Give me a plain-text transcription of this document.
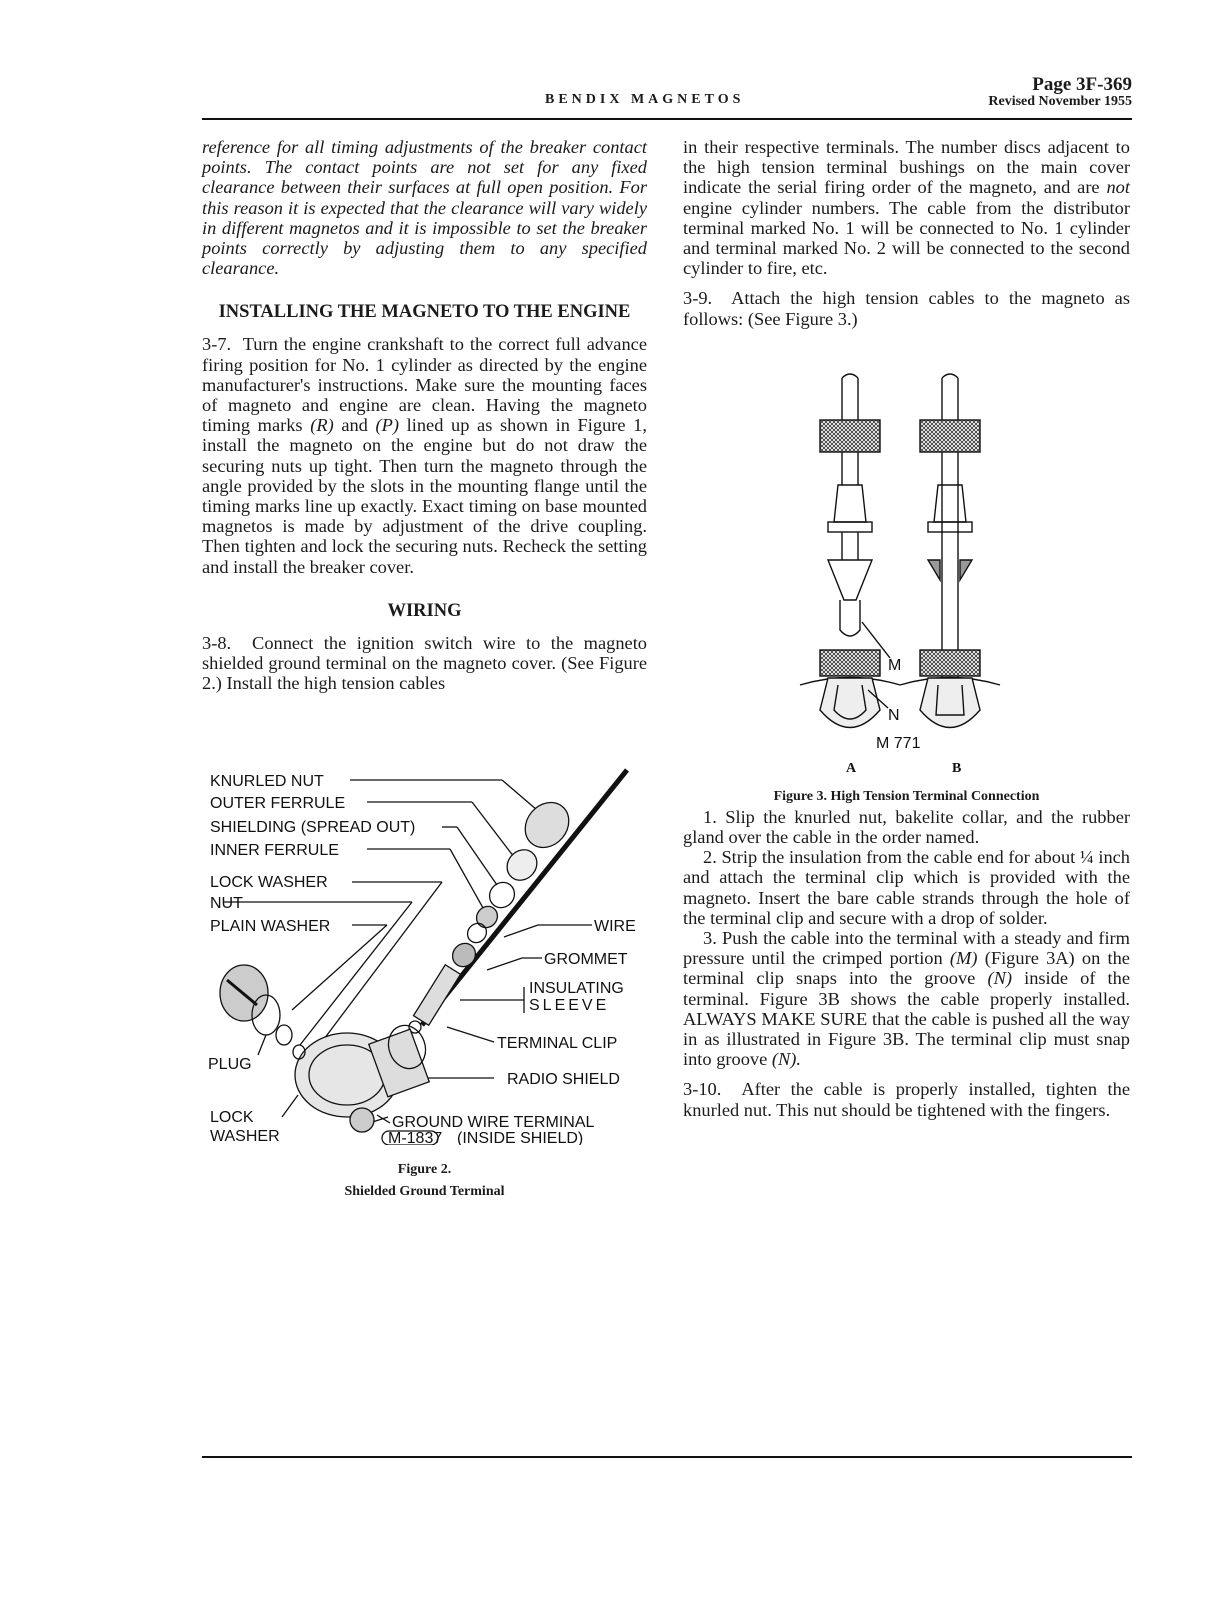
BENDIX MAGNETOS
Page 3F-369
Revised November 1955

reference for all timing adjustments of the breaker contact points. The contact points are not set for any fixed clearance between their surfaces at full open position. For this reason it is expected that the clearance will vary widely in different magnetos and it is impossible to set the breaker points correctly by adjusting them to any specified clearance.

INSTALLING THE MAGNETO TO THE ENGINE

3-7. Turn the engine crankshaft to the correct full advance firing position for No. 1 cylinder as directed by the engine manufacturer's instructions. Make sure the mounting faces of magneto and engine are clean. Having the magneto timing marks (R) and (P) lined up as shown in Figure 1, install the magneto on the engine but do not draw the securing nuts up tight. Then turn the magneto through the angle provided by the slots in the mounting flange until the timing marks line up exactly. Exact timing on base mounted magnetos is made by adjustment of the drive coupling. Then tighten and lock the securing nuts. Recheck the setting and install the breaker cover.

WIRING

3-8. Connect the ignition switch wire to the magneto shielded ground terminal on the magneto cover. (See Figure 2.) Install the high tension cables

KNURLED NUT
OUTER FERRULE
SHIELDING (SPREAD OUT)
INNER FERRULE
LOCK WASHER
NUT
PLAIN WASHER	WIRE
GROMMET
INSULATING
SLEEVE
TERMINAL CLIP
PLUG
RADIO SHIELD
LOCK
WASHER
GROUND WIRE TERMINAL
M-1837 (INSIDE SHIELD)
Figure 2.
Shielded Ground Terminal

in their respective terminals. The number discs adjacent to the high tension terminal bushings on the main cover indicate the serial firing order of the magneto, and are not engine cylinder numbers. The cable from the distributor terminal marked No. 1 will be connected to No. 1 cylinder and terminal marked No. 2 will be connected to the second cylinder to fire, etc.

3-9. Attach the high tension cables to the magneto as follows: (See Figure 3.)

1. Slip the knurled nut, bakelite collar, and the rubber gland over the cable in the order named.

2. Strip the insulation from the cable end for about ¼ inch and attach the terminal clip which is provided with the magneto. Insert the bare cable strands through the hole of the terminal clip and secure with a drop of solder.

3. Push the cable into the terminal with a steady and firm pressure until the crimped portion (M) (Figure 3A) on the terminal clip snaps into the groove (N) inside of the terminal. Figure 3B shows the cable properly installed. ALWAYS MAKE SURE that the cable is pushed all the way in as illustrated in Figure 3B. The terminal clip must snap into groove (N).

3-10. After the cable is properly installed, tighten the knurled nut. This nut should be tightened with the fingers.

M
N
M 771
A	B
Figure 3. High Tension Terminal Connection
